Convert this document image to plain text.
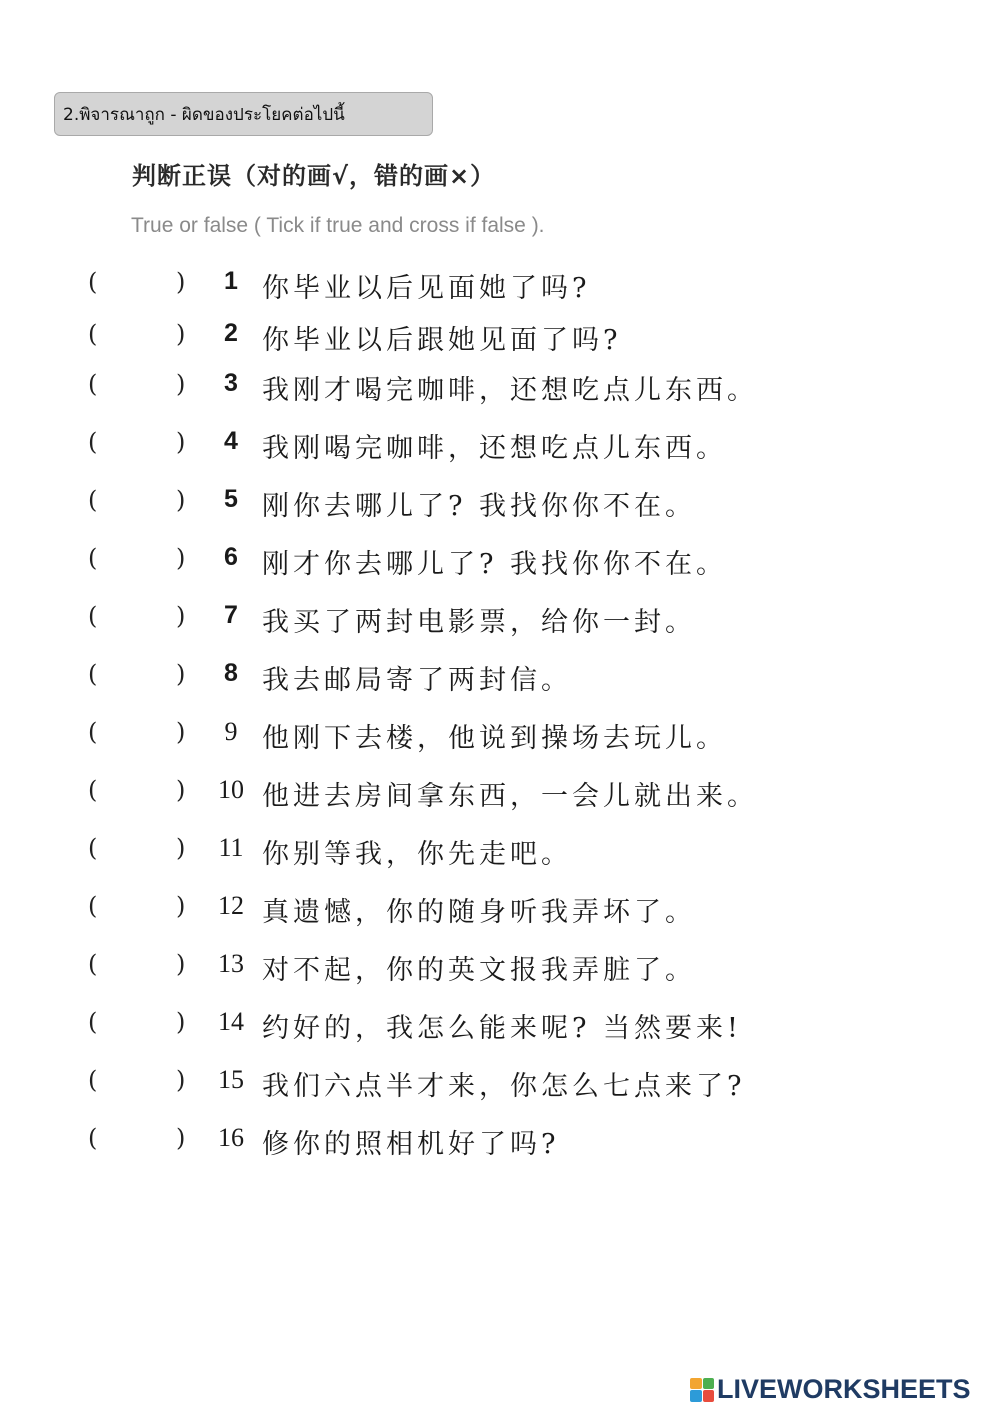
2.พิจารณาถูก - ผิดของประโยคต่อไปนี้
判断正误（对的画√，错的画×）
True or false ( Tick if true and cross if false ).
(	)	1 你毕业以后见面她了吗?
(	)	2 你毕业以后跟她见面了吗?
(	)	3 我刚才喝完咖啡，还想吃点儿东西。
(	)	4 我刚喝完咖啡，还想吃点儿东西。
(	)	5 刚你去哪儿了? 我找你你不在。
(	)	6 刚才你去哪儿了? 我找你你不在。
(	)	7 我买了两封电影票，给你一封。
(	)	8 我去邮局寄了两封信。
(	)	9 他刚下去楼，他说到操场去玩儿。
(	) 10 他进去房间拿东西，一会儿就出来。
(	) 11 你别等我，你先走吧。
(	) 12 真遗憾，你的随身听我弄坏了。
(	) 13 对不起，你的英文报我弄脏了。
(	) 14 约好的，我怎么能来呢? 当然要来!
(	) 15 我们六点半才来，你怎么七点来了?
(	) 16 修你的照相机好了吗?
LIVEWORKSHEETS
